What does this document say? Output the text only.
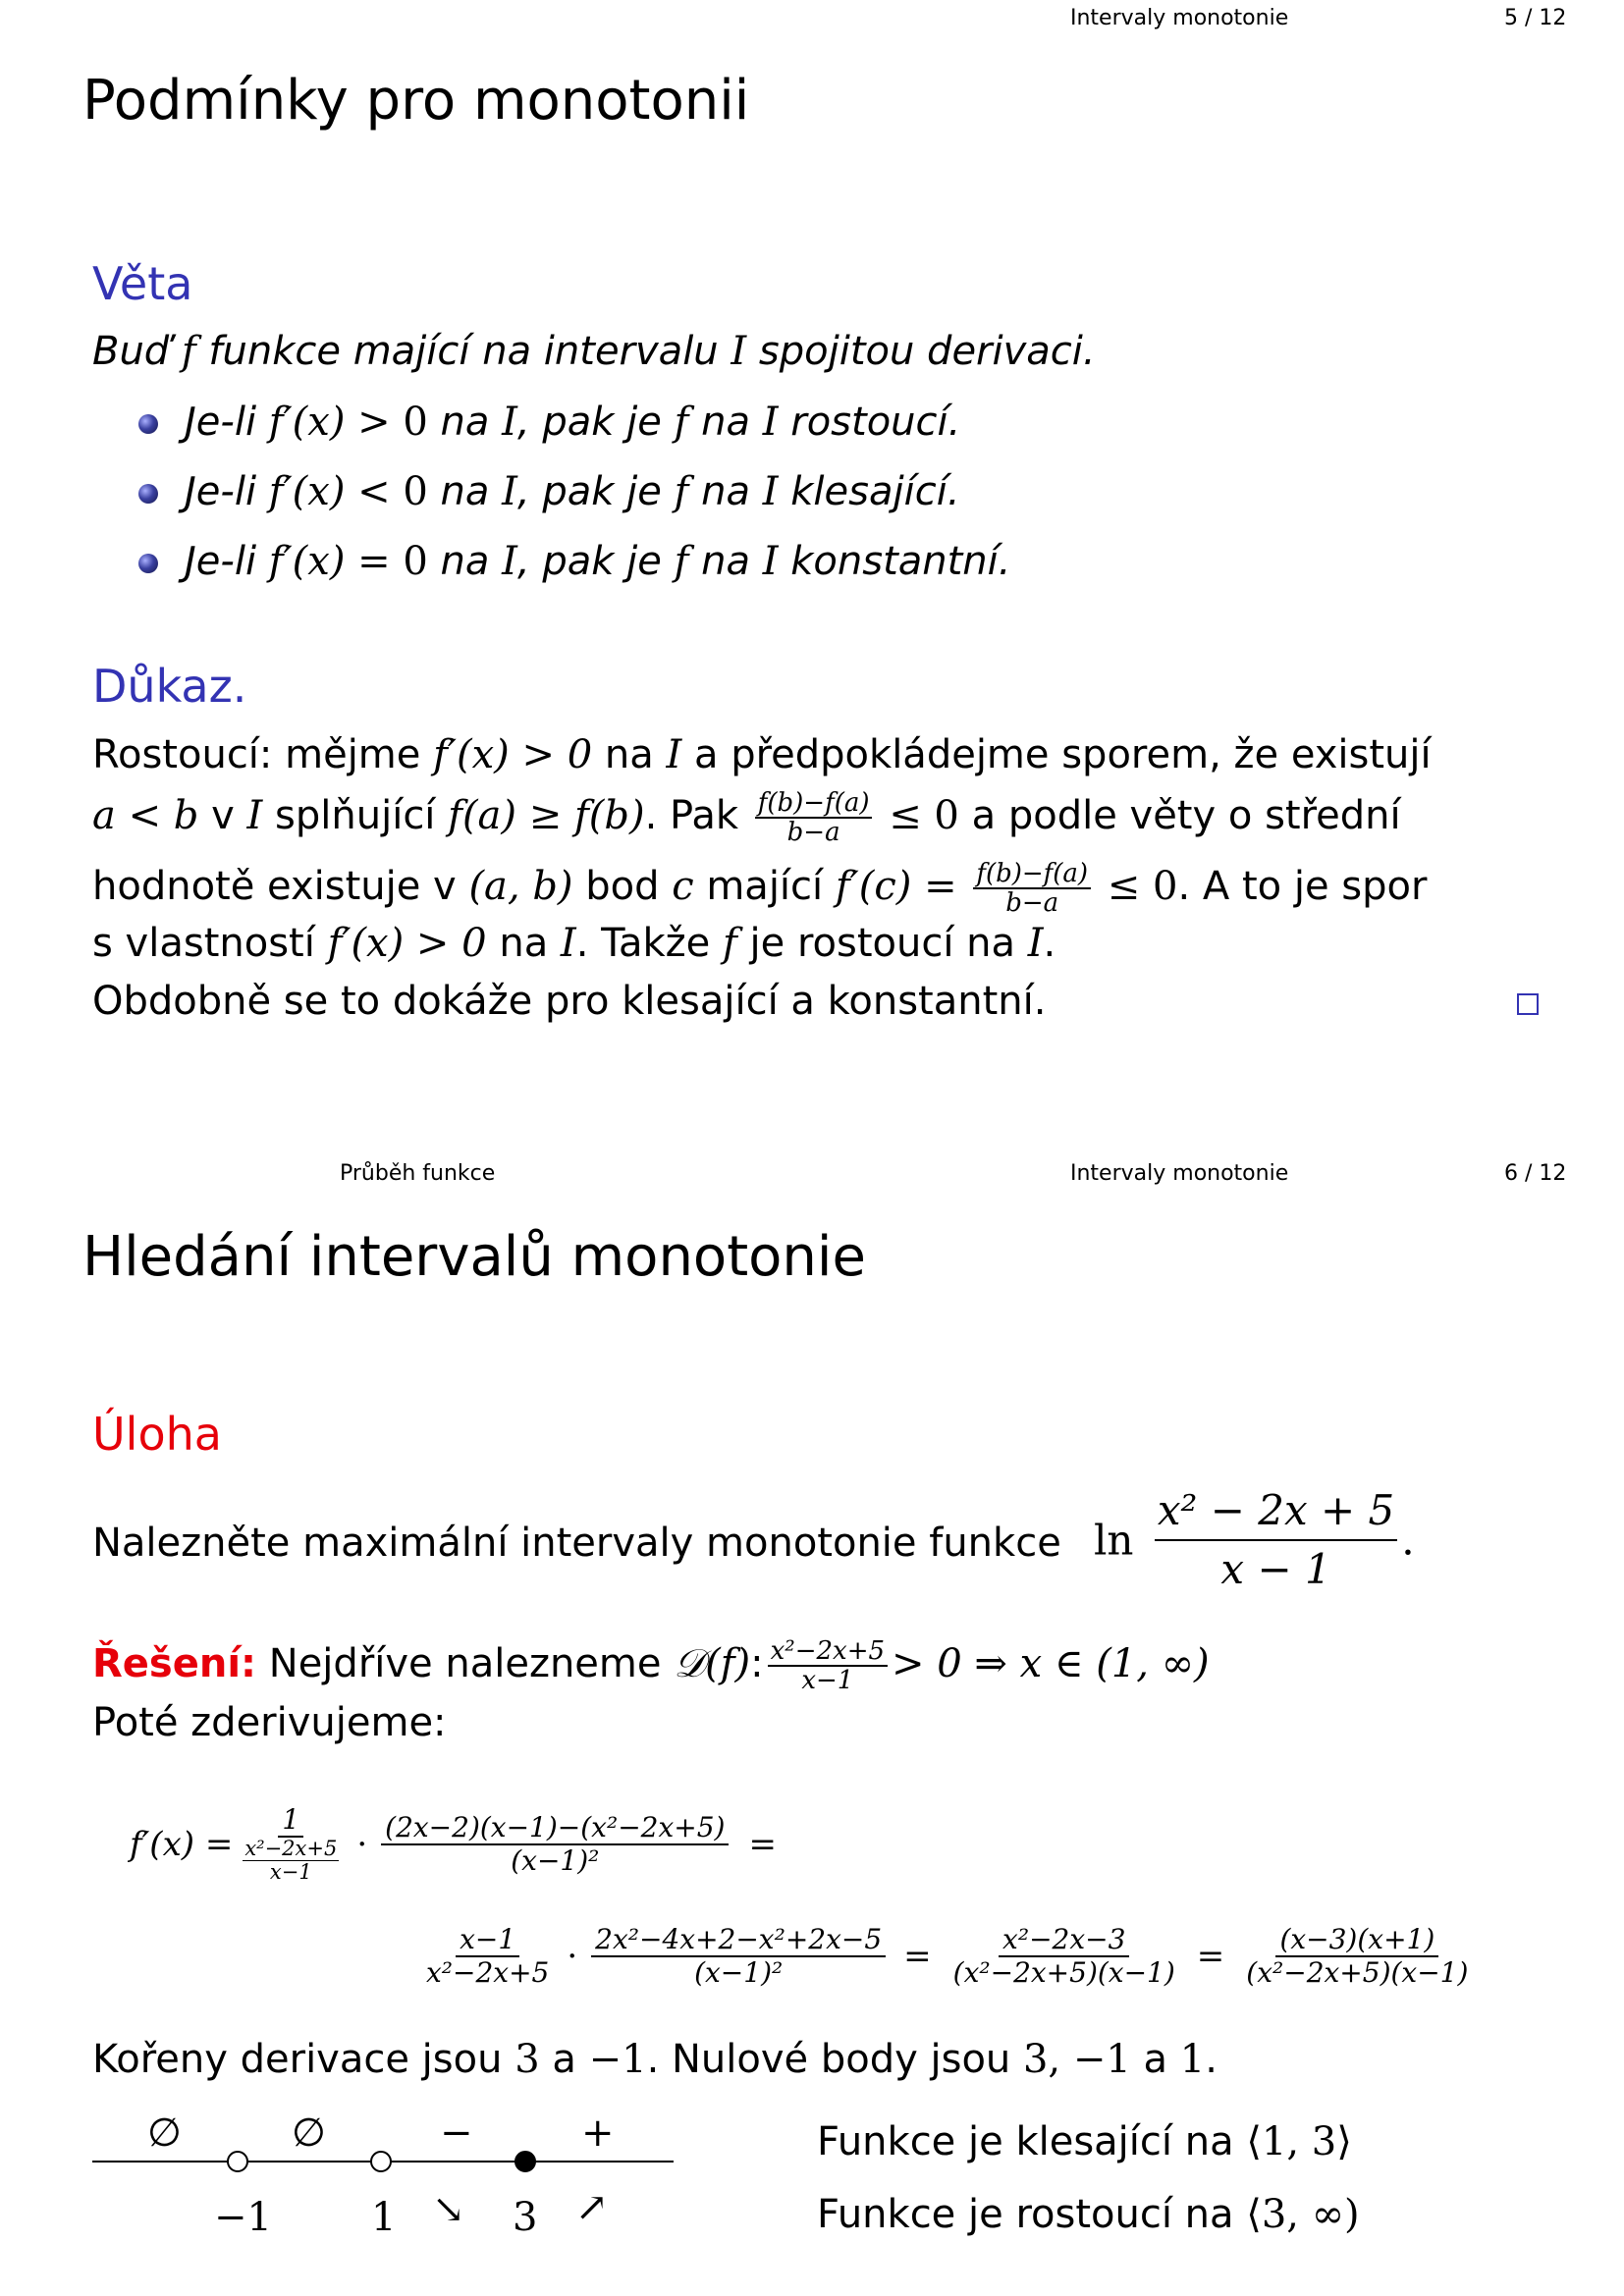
Intervaly monotonie	5 / 12
Podmínky pro monotonii
Věta
Buď f funkce mající na intervalu I spojitou derivaci.
Je-li f′(x) > 0 na I, pak je f na I rostoucí.
Je-li f′(x) < 0 na I, pak je f na I klesající.
Je-li f′(x) = 0 na I, pak je f na I konstantní.
Důkaz.
Rostoucí: mějme f′(x) > 0 na I a předpokládejme sporem, že existují
a < b v I splňující f(a) ≥ f(b). Pak $\frac{f(b)-f(a)}{b-a} \le 0$ a podle věty o střední
hodnotě existuje v (a, b) bod c mající $f'(c) = \frac{f(b)-f(a)}{b-a} \le 0$. A to je spor
s vlastností f′(x) > 0 na I. Takže f je rostoucí na I.
Obdobně se to dokáže pro klesající a konstantní.
Průběh funkce	Intervaly monotonie	6 / 12
Hledání intervalů monotonie
Úloha
Nalezněte maximální intervaly monotonie funkce $\ln \frac{\text{x² − 2x + 5}}{x - 1}$ .
Řešení: Nejdříve nalezneme 𝒟(f): $\frac{\text{x²−2x+5}}{x-1} > 0$ ⇒ x ∈ (1, ∞)
Poté zderivujeme:
$f'(x) = \frac{1}{\frac{\text{x²−2x+5}}{x-1}} \cdot \frac{\text{(2x−2)(x−1)−(x²−2x+5)}}{\text{(x−1)²}}$ =
$\frac{x-1}{\text{x²−2x+5}} \cdot \frac{\text{2x²−4x+2−x²+2x−5}}{\text{(x−1)²}} = \frac{\text{x²−2x−3}}{\text{(x²−2x+5)(x−1)}} = \frac{(x-3)(x+1)}{\text{(x²−2x+5)(x−1)}}$
Kořeny derivace jsou 3 a −1. Nulové body jsou 3, −1 a 1.
∅	∅	−	+
−1	1 ↘ 3 ↗
Funkce je klesající na ⟨1, 3⟩
Funkce je rostoucí na ⟨3, ∞)
